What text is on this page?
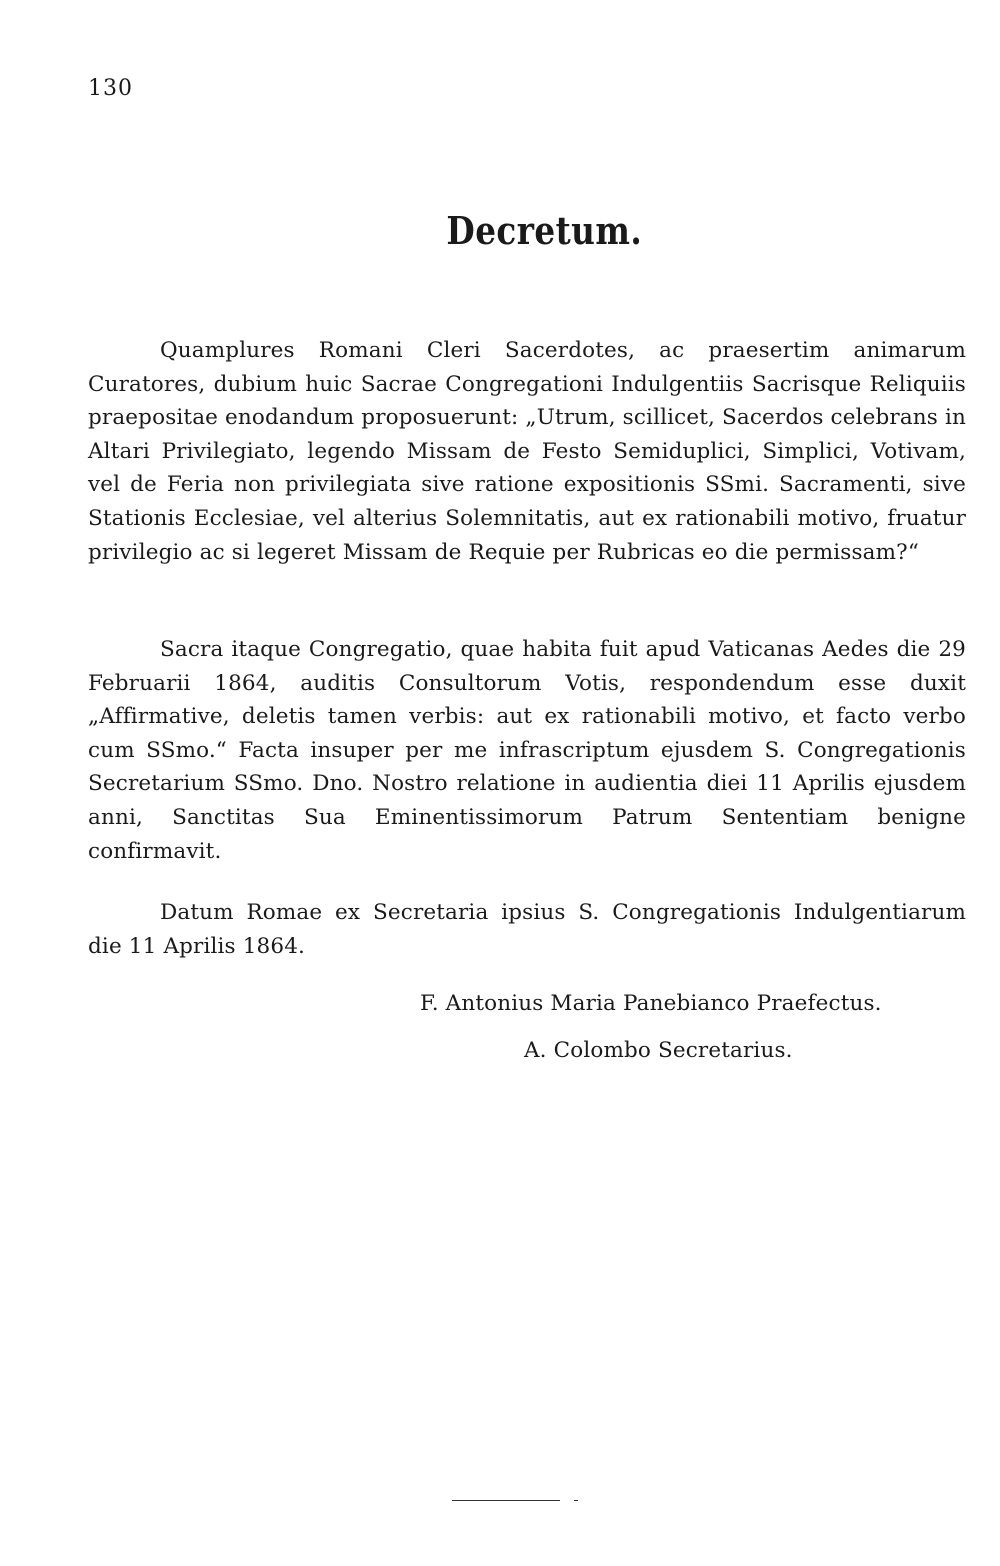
130
Decretum.

Quamplures Romani Cleri Sacerdotes, ac praesertim animarum Curatores, dubium huic Sacrae Congregationi Indulgentiis Sacrisque Reliquiis praepositae enodandum proposuerunt: „Utrum, scillicet, Sacerdos celebrans in Altari Privilegiato, legendo Missam de Festo Semiduplici, Simplici, Votivam, vel de Feria non privilegiata sive ratione expositionis SSmi. Sacramenti, sive Stationis Ecclesiae, vel alterius Solemnitatis, aut ex rationabili motivo, fruatur privilegio ac si legeret Missam de Requie per Rubricas eo die permissam?“

Sacra itaque Congregatio, quae habita fuit apud Vaticanas Aedes die 29 Februarii 1864, auditis Consultorum Votis, respondendum esse duxit „Affirmative, deletis tamen verbis: aut ex rationabili motivo, et facto verbo cum SSmo.“ Facta insuper per me infrascriptum ejusdem S. Congregationis Secretarium SSmo. Dno. Nostro relatione in audientia diei 11 Aprilis ejusdem anni, Sanctitas Sua Eminentissimorum Patrum Sententiam benigne confirmavit.

Datum Romae ex Secretaria ipsius S. Congregationis Indulgentiarum die 11 Aprilis 1864.

F. Antonius Maria Panebianco Praefectus.
A. Colombo Secretarius.
